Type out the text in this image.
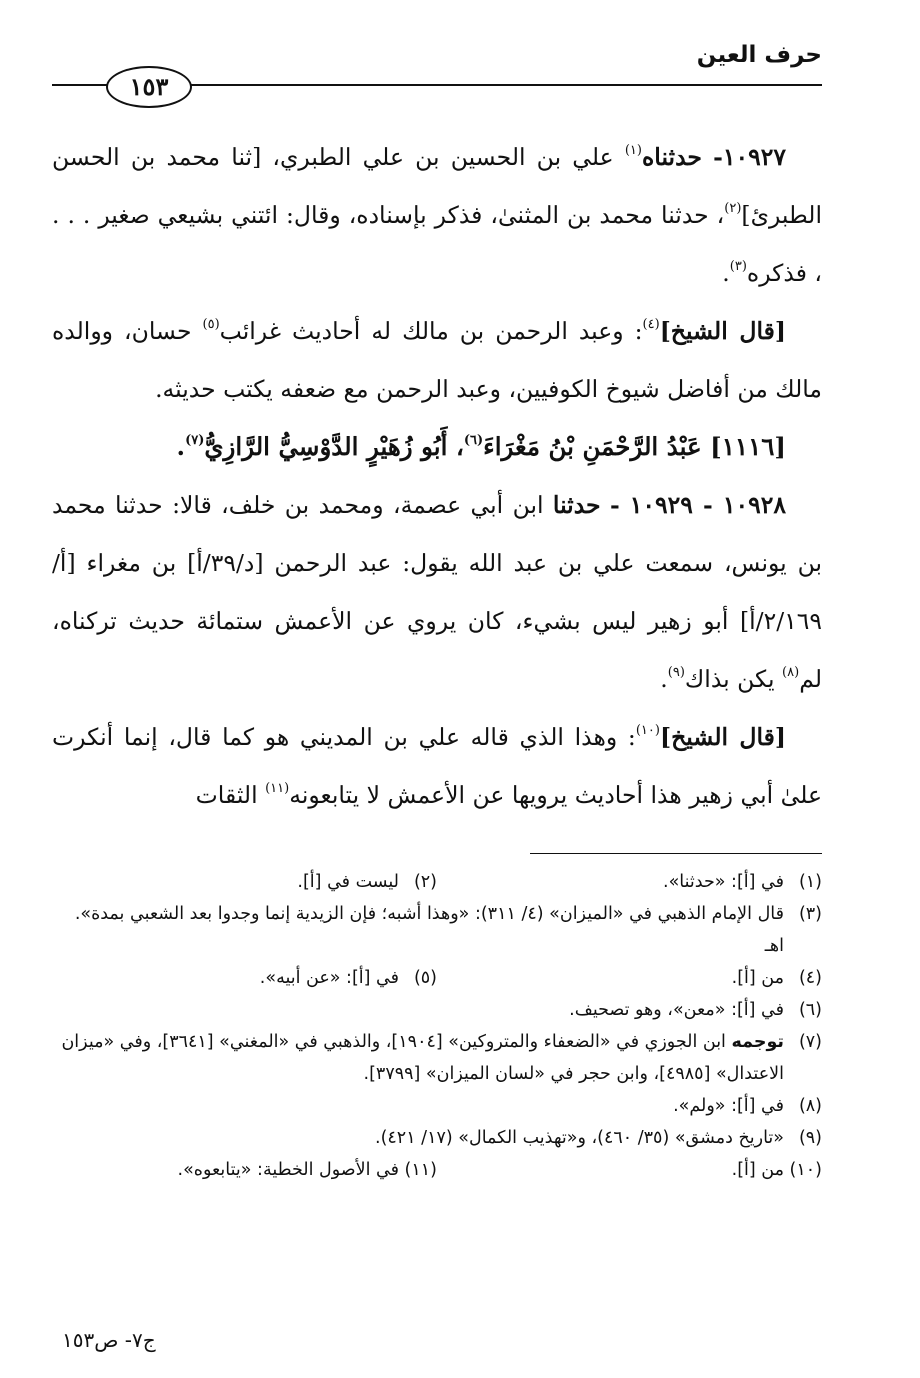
حرف العين
١٥٣

١٠٩٢٧- حدثناه$^{(١)}$ علي بن الحسين بن علي الطبري، [ثنا محمد بن الحسن الطبرئ]$^{(٢)}$، حدثنا محمد بن المثنىٰ، فذكر بإسناده، وقال: ائتني بشيعي صغير . . . ، فذكره$^{(٣)}$.

[قال الشيخ]$^{(٤)}$: وعبد الرحمن بن مالك له أحاديث غرائب$^{(٥)}$ حسان، ووالده مالك من أفاضل شيوخ الكوفيين، وعبد الرحمن مع ضعفه يكتب حديثه.

[١١١٦] عَبْدُ الرَّحْمَنِ بْنُ مَغْرَاءَ$^{(٦)}$، أَبُو زُهَيْرٍ الدَّوْسِيُّ الرَّازِيُّ$^{(٧)}$.

١٠٩٢٨ - ١٠٩٢٩ - حدثنا ابن أبي عصمة، ومحمد بن خلف، قالا: حدثنا محمد بن يونس، سمعت علي بن عبد الله يقول: عبد الرحمن [د/٣٩/أ] بن مغراء [أ/٢/١٦٩/أ] أبو زهير ليس بشيء، كان يروي عن الأعمش ستمائة حديث تركناه، لم$^{(٨)}$ يكن بذاك$^{(٩)}$.

[قال الشيخ]$^{(١٠)}$: وهذا الذي قاله علي بن المديني هو كما قال، إنما أنكرت علىٰ أبي زهير هذا أحاديث يرويها عن الأعمش لا يتابعونه$^{(١١)}$ الثقات

(١)
في [أ]: «حدثنا».
(٢)
ليست في [أ].
(٣)
قال الإمام الذهبي في «الميزان» (٤/ ٣١١): «وهذا أشبه؛ فإن الزيدية إنما وجدوا بعد الشعبي بمدة». اهـ
(٤)
من [أ].
(٥)
في [أ]: «عن أبيه».
(٦)
في [أ]: «معن»، وهو تصحيف.
(٧)
توجمه ابن الجوزي في «الضعفاء والمتروكين» [١٩٠٤]، والذهبي في «المغني» [٣٦٤١]، وفي «ميزان الاعتدال» [٤٩٨٥]، وابن حجر في «لسان الميزان» [٣٧٩٩].
(٨)
في [أ]: «ولم».
(٩)
«تاريخ دمشق» (٣٥/ ٤٦٠)، و«تهذيب الكمال» (١٧/ ٤٢١).
(١٠)
من [أ].
(١١)
في الأصول الخطية: «يتابعوه».
ج٧- ص١٥٣
